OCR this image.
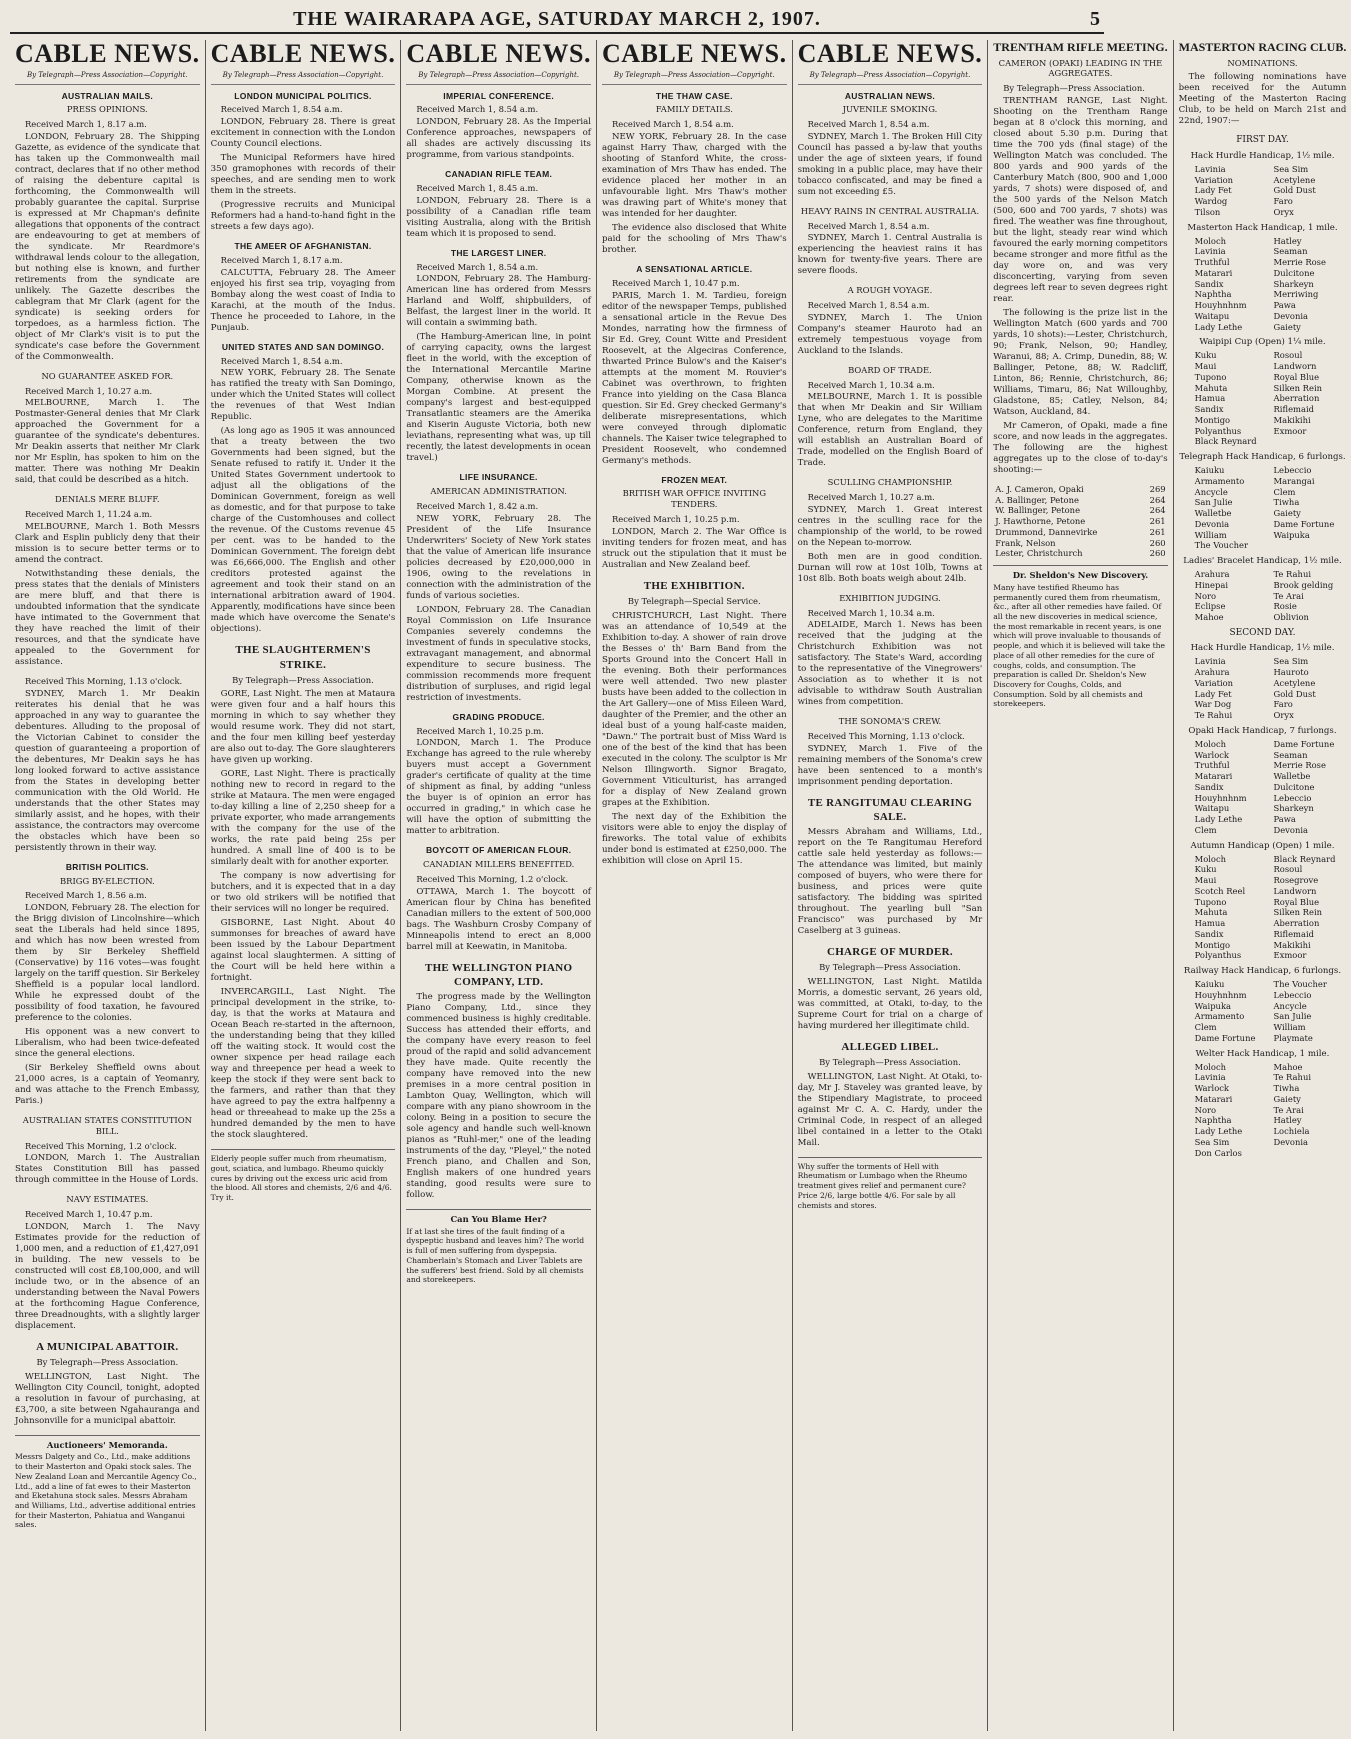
THE WAIRARAPA AGE, SATURDAY MARCH 2, 1907.	5
CABLE NEWS.
By Telegraph—Press Association—Copyright.
AUSTRALIAN MAILS.
PRESS OPINIONS.
Received March 1, 8.17 a.m.

LONDON, February 28. The Shipping Gazette, as evidence of the syndicate that has taken up the Commonwealth mail contract, declares that if no other method of raising the debenture capital is forthcoming, the Commonwealth will probably guarantee the capital. Surprise is expressed at Mr Chapman's definite allegations that opponents of the contract are endeavouring to get at members of the syndicate. Mr Reardmore's withdrawal lends colour to the allegation, but nothing else is known, and further retirements from the syndicate are unlikely. The Gazette describes the cablegram that Mr Clark (agent for the syndicate) is seeking orders for torpedoes, as a harmless fiction. The object of Mr Clark's visit is to put the syndicate's case before the Government of the Commonwealth.

NO GUARANTEE ASKED FOR.
Received March 1, 10.27 a.m.

MELBOURNE, March 1. The Postmaster-General denies that Mr Clark approached the Government for a guarantee of the syndicate's debentures. Mr Deakin asserts that neither Mr Clark nor Mr Esplin, has spoken to him on the matter. There was nothing Mr Deakin said, that could be described as a hitch.

DENIALS MERE BLUFF.
Received March 1, 11.24 a.m.

MELBOURNE, March 1. Both Messrs Clark and Esplin publicly deny that their mission is to secure better terms or to amend the contract.

Notwithstanding these denials, the press states that the denials of Ministers are mere bluff, and that there is undoubted information that the syndicate have intimated to the Government that they have reached the limit of their resources, and that the syndicate have appealed to the Government for assistance.

Received This Morning, 1.13 o'clock.

SYDNEY, March 1. Mr Deakin reiterates his denial that he was approached in any way to guarantee the debentures. Alluding to the proposal of the Victorian Cabinet to consider the question of guaranteeing a proportion of the debentures, Mr Deakin says he has long looked forward to active assistance from the States in developing better communication with the Old World. He understands that the other States may similarly assist, and he hopes, with their assistance, the contractors may overcome the obstacles which have been so persistently thrown in their way.

BRITISH POLITICS.
BRIGG BY-ELECTION.
Received March 1, 8.56 a.m.

LONDON, February 28. The election for the Brigg division of Lincolnshire—which seat the Liberals had held since 1895, and which has now been wrested from them by Sir Berkeley Sheffield (Conservative) by 116 votes—was fought largely on the tariff question. Sir Berkeley Sheffield is a popular local landlord. While he expressed doubt of the possibility of food taxation, he favoured preference to the colonies.

His opponent was a new convert to Liberalism, who had been twice-defeated since the general elections.

(Sir Berkeley Sheffield owns about 21,000 acres, is a captain of Yeomanry, and was attache to the French Embassy, Paris.)

AUSTRALIAN STATES CONSTITUTION BILL.
Received This Morning, 1.2 o'clock.

LONDON, March 1. The Australian States Constitution Bill has passed through committee in the House of Lords.

NAVY ESTIMATES.
Received March 1, 10.47 p.m.

LONDON, March 1. The Navy Estimates provide for the reduction of 1,000 men, and a reduction of £1,427,091 in building. The new vessels to be constructed will cost £8,100,000, and will include two, or in the absence of an understanding between the Naval Powers at the forthcoming Hague Conference, three Dreadnoughts, with a slightly larger displacement.

A MUNICIPAL ABATTOIR.
By Telegraph—Press Association.

WELLINGTON, Last Night. The Wellington City Council, tonight, adopted a resolution in favour of purchasing, at £3,700, a site between Ngahauranga and Johnsonville for a municipal abattoir.

Auctioneers' Memoranda.
Messrs Dalgety and Co., Ltd., make additions to their Masterton and Opaki stock sales. The New Zealand Loan and Mercantile Agency Co., Ltd., add a line of fat ewes to their Masterton and Eketahuna stock sales. Messrs Abraham and Williams, Ltd., advertise additional entries for their Masterton, Pahiatua and Wanganui sales.
CABLE NEWS.
By Telegraph—Press Association—Copyright.
LONDON MUNICIPAL POLITICS.
Received March 1, 8.54 a.m.

LONDON, February 28. There is great excitement in connection with the London County Council elections.

The Municipal Reformers have hired 350 gramophones with records of their speeches, and are sending men to work them in the streets.

(Progressive recruits and Municipal Reformers had a hand-to-hand fight in the streets a few days ago).

THE AMEER OF AFGHANISTAN.
Received March 1, 8.17 a.m.

CALCUTTA, February 28. The Ameer enjoyed his first sea trip, voyaging from Bombay along the west coast of India to Karachi, at the mouth of the Indus. Thence he proceeded to Lahore, in the Punjaub.

UNITED STATES AND SAN DOMINGO.
Received March 1, 8.54 a.m.

NEW YORK, February 28. The Senate has ratified the treaty with San Domingo, under which the United States will collect the revenues of that West Indian Republic.

(As long ago as 1905 it was announced that a treaty between the two Governments had been signed, but the Senate refused to ratify it. Under it the United States Government undertook to adjust all the obligations of the Dominican Government, foreign as well as domestic, and for that purpose to take charge of the Customhouses and collect the revenue. Of the Customs revenue 45 per cent. was to be handed to the Dominican Government. The foreign debt was £6,666,000. The English and other creditors protested against the agreement and took their stand on an international arbitration award of 1904. Apparently, modifications have since been made which have overcome the Senate's objections).

THE SLAUGHTERMEN'S STRIKE.
By Telegraph—Press Association.

GORE, Last Night. The men at Mataura were given four and a half hours this morning in which to say whether they would resume work. They did not start, and the four men killing beef yesterday are also out to-day. The Gore slaughterers have given up working.

GORE, Last Night. There is practically nothing new to record in regard to the strike at Mataura. The men were engaged to-day killing a line of 2,250 sheep for a private exporter, who made arrangements with the company for the use of the works, the rate paid being 25s per hundred. A small line of 400 is to be similarly dealt with for another exporter.

The company is now advertising for butchers, and it is expected that in a day or two old strikers will be notified that their services will no longer be required.

GISBORNE, Last Night. About 40 summonses for breaches of award have been issued by the Labour Department against local slaughtermen. A sitting of the Court will be held here within a fortnight.

INVERCARGILL, Last Night. The principal development in the strike, to-day, is that the works at Mataura and Ocean Beach re-started in the afternoon, the understanding being that they killed off the waiting stock. It would cost the owner sixpence per head railage each way and threepence per head a week to keep the stock if they were sent back to the farmers, and rather than that they have agreed to pay the extra halfpenny a head or threeahead to make up the 25s a hundred demanded by the men to have the stock slaughtered.

Elderly people suffer much from rheumatism, gout, sciatica, and lumbago. Rheumo quickly cures by driving out the excess uric acid from the blood. All stores and chemists, 2/6 and 4/6. Try it.
CABLE NEWS.
By Telegraph—Press Association—Copyright.
IMPERIAL CONFERENCE.
Received March 1, 8.54 a.m.

LONDON, February 28. As the Imperial Conference approaches, newspapers of all shades are actively discussing its programme, from various standpoints.

CANADIAN RIFLE TEAM.
Received March 1, 8.45 a.m.

LONDON, February 28. There is a possibility of a Canadian rifle team visiting Australia, along with the British team which it is proposed to send.

THE LARGEST LINER.
Received March 1, 8.54 a.m.

LONDON, February 28. The Hamburg-American line has ordered from Messrs Harland and Wolff, shipbuilders, of Belfast, the largest liner in the world. It will contain a swimming bath.

(The Hamburg-American line, in point of carrying capacity, owns the largest fleet in the world, with the exception of the International Mercantile Marine Company, otherwise known as the Morgan Combine. At present the company's largest and best-equipped Transatlantic steamers are the Amerika and Kiserin Auguste Victoria, both new leviathans, representing what was, up till recently, the latest developments in ocean travel.)

LIFE INSURANCE.
AMERICAN ADMINISTRATION.
Received March 1, 8.42 a.m.

NEW YORK, February 28. The President of the Life Insurance Underwriters' Society of New York states that the value of American life insurance policies decreased by £20,000,000 in 1906, owing to the revelations in connection with the administration of the funds of various societies.

LONDON, February 28. The Canadian Royal Commission on Life Insurance Companies severely condemns the investment of funds in speculative stocks, extravagant management, and abnormal expenditure to secure business. The commission recommends more frequent distribution of surpluses, and rigid legal restriction of investments.

GRADING PRODUCE.
Received March 1, 10.25 p.m.

LONDON, March 1. The Produce Exchange has agreed to the rule whereby buyers must accept a Government grader's certificate of quality at the time of shipment as final, by adding "unless the buyer is of opinion an error has occurred in grading," in which case he will have the option of submitting the matter to arbitration.

BOYCOTT OF AMERICAN FLOUR.
CANADIAN MILLERS BENEFITED.
Received This Morning, 1.2 o'clock.

OTTAWA, March 1. The boycott of American flour by China has benefited Canadian millers to the extent of 500,000 bags. The Washburn Crosby Company of Minneapolis intend to erect an 8,000 barrel mill at Keewatin, in Manitoba.

THE WELLINGTON PIANO COMPANY, LTD.

The progress made by the Wellington Piano Company, Ltd., since they commenced business is highly creditable. Success has attended their efforts, and the company have every reason to feel proud of the rapid and solid advancement they have made. Quite recently the company have removed into the new premises in a more central position in Lambton Quay, Wellington, which will compare with any piano showroom in the colony. Being in a position to secure the sole agency and handle such well-known pianos as "Ruhl-mer," one of the leading instruments of the day, "Pleyel," the noted French piano, and Challen and Son, English makers of one hundred years standing, good results were sure to follow.

Can You Blame Her?
If at last she tires of the fault finding of a dyspeptic husband and leaves him? The world is full of men suffering from dyspepsia. Chamberlain's Stomach and Liver Tablets are the sufferers' best friend. Sold by all chemists and storekeepers.
CABLE NEWS.
By Telegraph—Press Association—Copyright.
THE THAW CASE.
FAMILY DETAILS.
Received March 1, 8.54 a.m.

NEW YORK, February 28. In the case against Harry Thaw, charged with the shooting of Stanford White, the cross-examination of Mrs Thaw has ended. The evidence placed her mother in an unfavourable light. Mrs Thaw's mother was drawing part of White's money that was intended for her daughter.

The evidence also disclosed that White paid for the schooling of Mrs Thaw's brother.

A SENSATIONAL ARTICLE.
Received March 1, 10.47 p.m.

PARIS, March 1. M. Tardieu, foreign editor of the newspaper Temps, published a sensational article in the Revue Des Mondes, narrating how the firmness of Sir Ed. Grey, Count Witte and President Roosevelt, at the Algeciras Conference, thwarted Prince Bulow's and the Kaiser's attempts at the moment M. Rouvier's Cabinet was overthrown, to frighten France into yielding on the Casa Blanca question. Sir Ed. Grey checked Germany's deliberate misrepresentations, which were conveyed through diplomatic channels. The Kaiser twice telegraphed to President Roosevelt, who condemned Germany's methods.

FROZEN MEAT.
BRITISH WAR OFFICE INVITING TENDERS.
Received March 1, 10.25 p.m.

LONDON, March 2. The War Office is inviting tenders for frozen meat, and has struck out the stipulation that it must be Australian and New Zealand beef.

THE EXHIBITION.
By Telegraph—Special Service.

CHRISTCHURCH, Last Night. There was an attendance of 10,549 at the Exhibition to-day. A shower of rain drove the Besses o' th' Barn Band from the Sports Ground into the Concert Hall in the evening. Both their performances were well attended. Two new plaster busts have been added to the collection in the Art Gallery—one of Miss Eileen Ward, daughter of the Premier, and the other an ideal bust of a young half-caste maiden, "Dawn." The portrait bust of Miss Ward is one of the best of the kind that has been executed in the colony. The sculptor is Mr Nelson Illingworth. Signor Bragato, Government Viticulturist, has arranged for a display of New Zealand grown grapes at the Exhibition.

The next day of the Exhibition the visitors were able to enjoy the display of fireworks. The total value of exhibits under bond is estimated at £250,000. The exhibition will close on April 15.

CABLE NEWS.
By Telegraph—Press Association—Copyright.
AUSTRALIAN NEWS.
JUVENILE SMOKING.
Received March 1, 8.54 a.m.

SYDNEY, March 1. The Broken Hill City Council has passed a by-law that youths under the age of sixteen years, if found smoking in a public place, may have their tobacco confiscated, and may be fined a sum not exceeding £5.

HEAVY RAINS IN CENTRAL AUSTRALIA.
Received March 1, 8.54 a.m.

SYDNEY, March 1. Central Australia is experiencing the heaviest rains it has known for twenty-five years. There are severe floods.

A ROUGH VOYAGE.
Received March 1, 8.54 a.m.

SYDNEY, March 1. The Union Company's steamer Hauroto had an extremely tempestuous voyage from Auckland to the Islands.

BOARD OF TRADE.
Received March 1, 10.34 a.m.

MELBOURNE, March 1. It is possible that when Mr Deakin and Sir William Lyne, who are delegates to the Maritime Conference, return from England, they will establish an Australian Board of Trade, modelled on the English Board of Trade.

SCULLING CHAMPIONSHIP.
Received March 1, 10.27 a.m.

SYDNEY, March 1. Great interest centres in the sculling race for the championship of the world, to be rowed on the Nepean to-morrow.

Both men are in good condition. Durnan will row at 10st 10lb, Towns at 10st 8lb. Both boats weigh about 24lb.

EXHIBITION JUDGING.
Received March 1, 10.34 a.m.

ADELAIDE, March 1. News has been received that the judging at the Christchurch Exhibition was not satisfactory. The State's Ward, according to the representative of the Vinegrowers' Association as to whether it is not advisable to withdraw South Australian wines from competition.

THE SONOMA'S CREW.
Received This Morning, 1.13 o'clock.

SYDNEY, March 1. Five of the remaining members of the Sonoma's crew have been sentenced to a month's imprisonment pending deportation.

TE RANGITUMAU CLEARING SALE.

Messrs Abraham and Williams, Ltd., report on the Te Rangitumau Hereford cattle sale held yesterday as follows:—The attendance was limited, but mainly composed of buyers, who were there for business, and prices were quite satisfactory. The bidding was spirited throughout. The yearling bull "San Francisco" was purchased by Mr Caselberg at 3 guineas.

CHARGE OF MURDER.
By Telegraph—Press Association.

WELLINGTON, Last Night. Matilda Morris, a domestic servant, 26 years old, was committed, at Otaki, to-day, to the Supreme Court for trial on a charge of having murdered her illegitimate child.

ALLEGED LIBEL.
By Telegraph—Press Association.

WELLINGTON, Last Night. At Otaki, to-day, Mr J. Staveley was granted leave, by the Stipendiary Magistrate, to proceed against Mr C. A. C. Hardy, under the Criminal Code, in respect of an alleged libel contained in a letter to the Otaki Mail.

Why suffer the torments of Hell with Rheumatism or Lumbago when the Rheumo treatment gives relief and permanent cure? Price 2/6, large bottle 4/6. For sale by all chemists and stores.
TRENTHAM RIFLE MEETING.
CAMERON (OPAKI) LEADING IN THE AGGREGATES.
By Telegraph—Press Association.

TRENTHAM RANGE, Last Night. Shooting on the Trentham Range began at 8 o'clock this morning, and closed about 5.30 p.m. During that time the 700 yds (final stage) of the Wellington Match was concluded. The 800 yards and 900 yards of the Canterbury Match (800, 900 and 1,000 yards, 7 shots) were disposed of, and the 500 yards of the Nelson Match (500, 600 and 700 yards, 7 shots) was fired. The weather was fine throughout, but the light, steady rear wind which favoured the early morning competitors became stronger and more fitful as the day wore on, and was very disconcerting, varying from seven degrees left rear to seven degrees right rear.

The following is the prize list in the Wellington Match (600 yards and 700 yards, 10 shots):—Lester, Christchurch, 90; Frank, Nelson, 90; Handley, Waranui, 88; A. Crimp, Dunedin, 88; W. Ballinger, Petone, 88; W. Radcliff, Linton, 86; Rennie, Christchurch, 86; Williams, Timaru, 86; Nat Willoughby, Gladstone, 85; Catley, Nelson, 84; Watson, Auckland, 84.

Mr Cameron, of Opaki, made a fine score, and now leads in the aggregates. The following are the highest aggregates up to the close of to-day's shooting:—

A. J. Cameron, Opaki	269
A. Ballinger, Petone	264
W. Ballinger, Petone	264
J. Hawthorne, Petone	261
Drummond, Dannevirke	261
Frank, Nelson	260
Lester, Christchurch	260
Dr. Sheldon's New Discovery.
Many have testified Rheumo has permanently cured them from rheumatism, &c., after all other remedies have failed. Of all the new discoveries in medical science, the most remarkable in recent years, is one which will prove invaluable to thousands of people, and which it is believed will take the place of all other remedies for the cure of coughs, colds, and consumption. The preparation is called Dr. Sheldon's New Discovery for Coughs, Colds, and Consumption. Sold by all chemists and storekeepers.
MASTERTON RACING CLUB.
NOMINATIONS.

The following nominations have been received for the Autumn Meeting of the Masterton Racing Club, to be held on March 21st and 22nd, 1907:—

FIRST DAY.
Hack Hurdle Handicap, 1½ mile.
Lavinia
Variation
Lady Fet
Wardog
Tilson
Sea Sim
Acetylene
Gold Dust
Faro
Oryx
Masterton Hack Handicap, 1 mile.
Moloch
Lavinia
Truthful
Matarari
Sandix
Naphtha
Houyhnhnm
Waitapu
Lady Lethe
Hatley
Seaman
Merrie Rose
Dulcitone
Sharkeyn
Merriwing
Pawa
Devonia
Gaiety
Waipipi Cup (Open) 1¼ mile.
Kuku
Maui
Tupono
Mahuta
Hamua
Sandix
Montigo
Polyanthus
Black Reynard
Rosoul
Landworn
Royal Blue
Silken Rein
Aberration
Riflemaid
Makikihi
Exmoor
Telegraph Hack Handicap, 6 furlongs.
Kaiuku
Armamento
Ancycle
San Julie
Walletbe
Devonia
William
The Voucher
Lebeccio
Marangai
Clem
Tiwha
Gaiety
Dame Fortune
Waipuka
Ladies' Bracelet Handicap, 1½ mile.
Arahura
Hinepai
Noro
Eclipse
Mahoe
Te Rahui
Brook gelding
Te Arai
Rosie
Oblivion
SECOND DAY.
Hack Hurdle Handicap, 1½ mile.
Lavinia
Arahura
Variation
Lady Fet
War Dog
Te Rahui
Sea Sim
Hauroto
Acetylene
Gold Dust
Faro
Oryx
Opaki Hack Handicap, 7 furlongs.
Moloch
Warlock
Truthful
Matarari
Sandix
Houyhnhnm
Waitapu
Lady Lethe
Clem
Dame Fortune
Seaman
Merrie Rose
Walletbe
Dulcitone
Lebeccio
Sharkeyn
Pawa
Devonia
Autumn Handicap (Open) 1 mile.
Moloch
Kuku
Maui
Scotch Reel
Tupono
Mahuta
Hamua
Sandix
Montigo
Polyanthus
Black Reynard
Rosoul
Rosegrove
Landworn
Royal Blue
Silken Rein
Aberration
Riflemaid
Makikihi
Exmoor
Railway Hack Handicap, 6 furlongs.
Kaiuku
Houyhnhnm
Waipuka
Armamento
Clem
Dame Fortune
The Voucher
Lebeccio
Ancycle
San Julie
William
Playmate
Welter Hack Handicap, 1 mile.
Moloch
Lavinia
Warlock
Matarari
Noro
Naphtha
Lady Lethe
Sea Sim
Don Carlos
Mahoe
Te Rahui
Tiwha
Gaiety
Te Arai
Hatley
Lochiela
Devonia
